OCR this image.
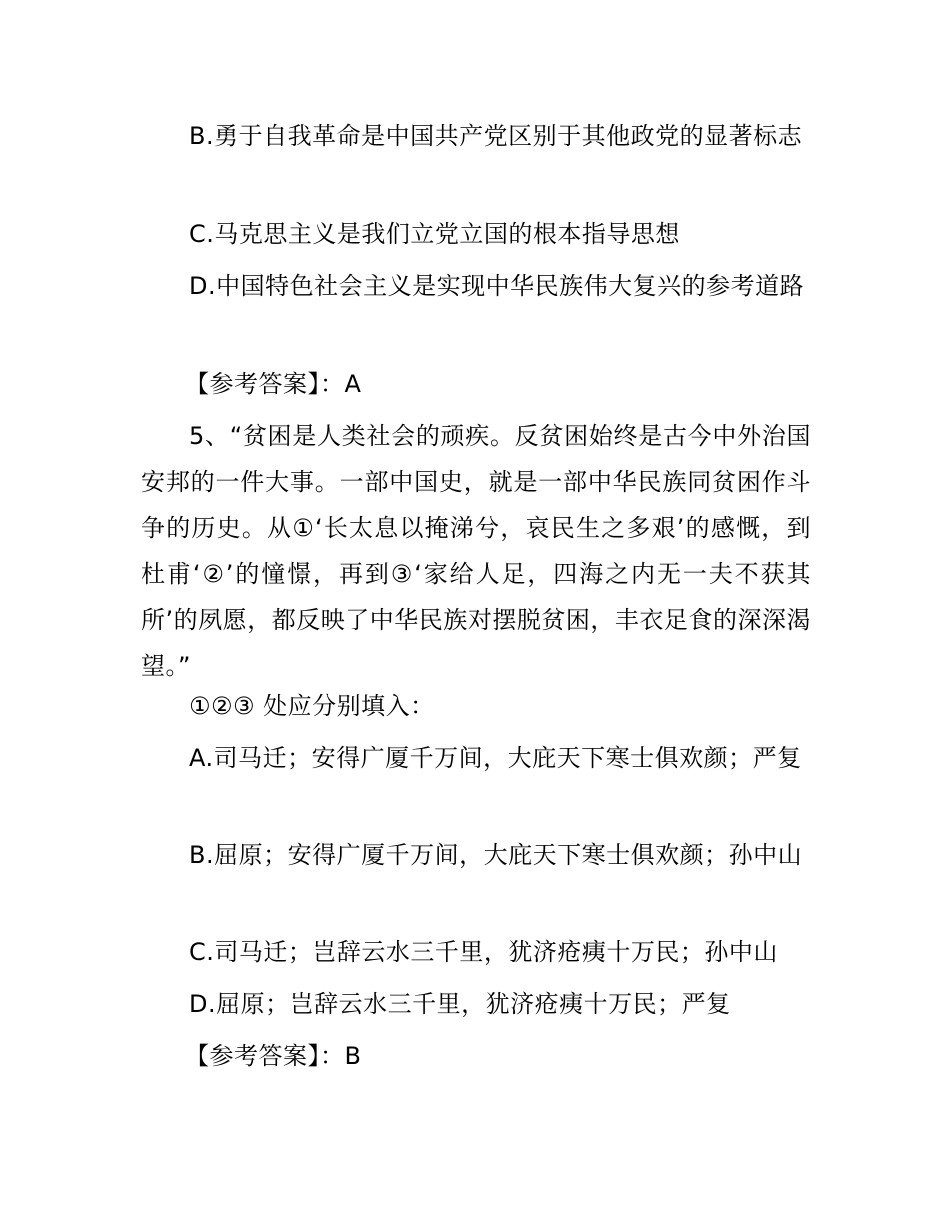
B.勇于自我革命是中国共产党区别于其他政党的显著标志

C.马克思主义是我们立党立国的根本指导思想

D.中国特色社会主义是实现中华民族伟大复兴的参考道路

【参考答案】：A

5、“贫困是人类社会的顽疾。反贫困始终是古今中外治国安邦的一件大事。一部中国史，就是一部中华民族同贫困作斗争的历史。从①‘长太息以掩涕兮，哀民生之多艰’的感慨，到杜甫‘②’的憧憬，再到③‘家给人足，四海之内无一夫不获其所’的夙愿，都反映了中华民族对摆脱贫困，丰衣足食的深深渴望。”

①②③ 处应分别填入：

A.司马迁；安得广厦千万间，大庇天下寒士俱欢颜；严复

B.屈原；安得广厦千万间，大庇天下寒士俱欢颜；孙中山

C.司马迁；岂辞云水三千里，犹济疮痍十万民；孙中山

D.屈原；岂辞云水三千里，犹济疮痍十万民；严复

【参考答案】：B
